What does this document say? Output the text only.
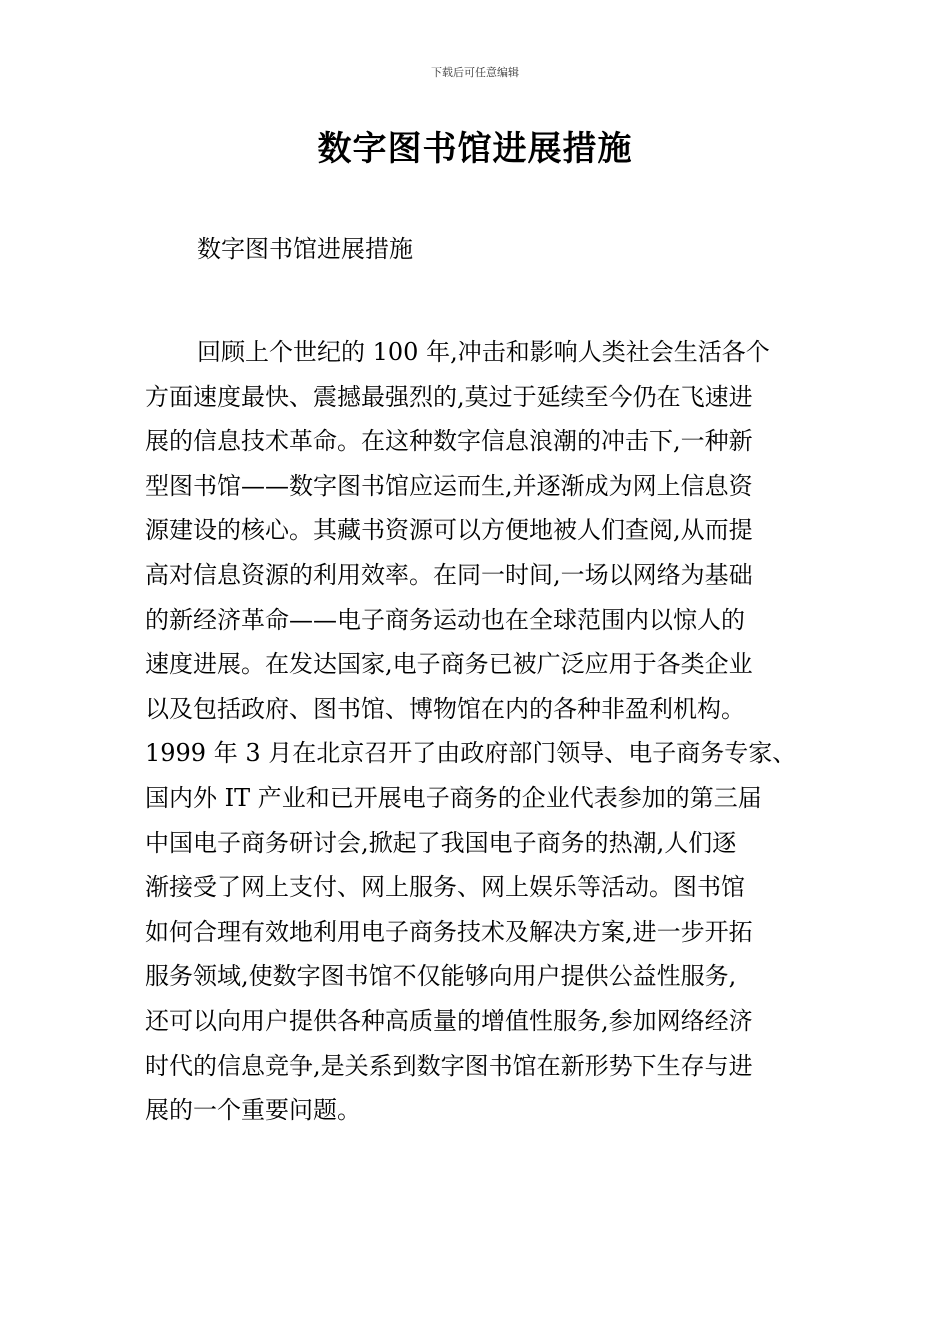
下载后可任意编辑
数字图书馆进展措施

数字图书馆进展措施

回顾上个世纪的 100 年,冲击和影响人类社会生活各个
方面速度最快、震撼最强烈的,莫过于延续至今仍在飞速进
展的信息技术革命。在这种数字信息浪潮的冲击下,一种新
型图书馆——数字图书馆应运而生,并逐渐成为网上信息资
源建设的核心。其藏书资源可以方便地被人们查阅,从而提
高对信息资源的利用效率。在同一时间,一场以网络为基础
的新经济革命——电子商务运动也在全球范围内以惊人的
速度进展。在发达国家,电子商务已被广泛应用于各类企业
以及包括政府、图书馆、博物馆在内的各种非盈利机构。
1999 年 3 月在北京召开了由政府部门领导、电子商务专家、
国内外 IT 产业和已开展电子商务的企业代表参加的第三届
中国电子商务研讨会,掀起了我国电子商务的热潮,人们逐
渐接受了网上支付、网上服务、网上娱乐等活动。图书馆
如何合理有效地利用电子商务技术及解决方案,进一步开拓
服务领域,使数字图书馆不仅能够向用户提供公益性服务,
还可以向用户提供各种高质量的增值性服务,参加网络经济
时代的信息竞争,是关系到数字图书馆在新形势下生存与进
展的一个重要问题。
